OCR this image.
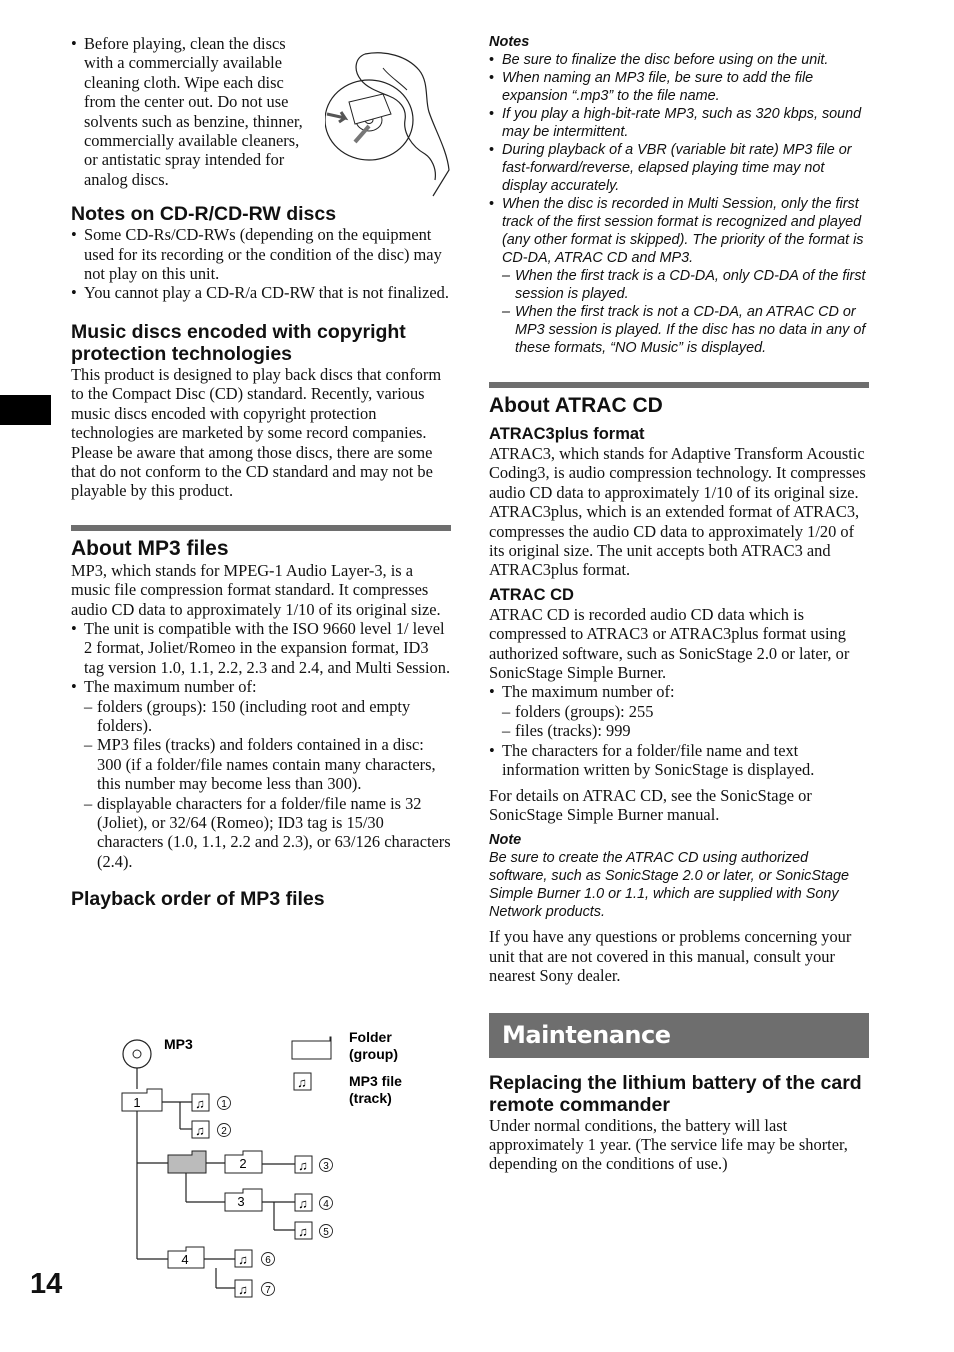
• Before playing, clean the discs with a commercially available cleaning cloth. Wipe each disc from the center out. Do not use solvents such as benzine, thinner, commercially available cleaners, or antistatic spray intended for analog discs.
Notes on CD-R/CD-RW discs
• Some CD-Rs/CD-RWs (depending on the equipment used for its recording or the condition of the disc) may not play on this unit.
• You cannot play a CD-R/a CD-RW that is not finalized.
Music discs encoded with copyright protection technologies

This product is designed to play back discs that conform to the Compact Disc (CD) standard. Recently, various music discs encoded with copyright protection technologies are marketed by some record companies. Please be aware that among those discs, there are some that do not conform to the CD standard and may not be playable by this product.

About MP3 files

MP3, which stands for MPEG-1 Audio Layer-3, is a music file compression format standard. It compresses audio CD data to approximately 1/10 of its original size.

• The unit is compatible with the ISO 9660 level 1/ level 2 format, Joliet/Romeo in the expansion format, ID3 tag version 1.0, 1.1, 2.2, 2.3 and 2.4, and Multi Session.
• The maximum number of:
– folders (groups): 150 (including root and empty folders).
– MP3 files (tracks) and folders contained in a disc: 300 (if a folder/file names contain many characters, this number may become less than 300).
– displayable characters for a folder/file name is 32 (Joliet), or 32/64 (Romeo); ID3 tag is 15/30 characters (1.0, 1.1, 2.2 and 2.3), or 63/126 characters (2.4).
Playback order of MP3 files
MP3
1
2
3
4
♫ 1
♫ 2
♫ 3
♫ 4
♫ 5
♫ 6
♫ 7
Folder
(group)
♫	MP3 file
(track)
Notes
• Be sure to finalize the disc before using on the unit.
• When naming an MP3 file, be sure to add the file expansion “.mp3” to the file name.
• If you play a high-bit-rate MP3, such as 320 kbps, sound may be intermittent.
• During playback of a VBR (variable bit rate) MP3 file or fast-forward/reverse, elapsed playing time may not display accurately.
• When the disc is recorded in Multi Session, only the first track of the first session format is recognized and played (any other format is skipped). The priority of the format is CD-DA, ATRAC CD and MP3.
– When the first track is a CD-DA, only CD-DA of the first session is played.
– When the first track is not a CD-DA, an ATRAC CD or MP3 session is played. If the disc has no data in any of these formats, “NO Music” is displayed.
About ATRAC CD
ATRAC3plus format

ATRAC3, which stands for Adaptive Transform Acoustic Coding3, is audio compression technology. It compresses audio CD data to approximately 1/10 of its original size. ATRAC3plus, which is an extended format of ATRAC3, compresses the audio CD data to approximately 1/20 of its original size. The unit accepts both ATRAC3 and ATRAC3plus format.

ATRAC CD

ATRAC CD is recorded audio CD data which is compressed to ATRAC3 or ATRAC3plus format using authorized software, such as SonicStage 2.0 or later, or SonicStage Simple Burner.

• The maximum number of:
– folders (groups): 255
– files (tracks): 999
• The characters for a folder/file name and text information written by SonicStage is displayed.

For details on ATRAC CD, see the SonicStage or SonicStage Simple Burner manual.

Note
Be sure to create the ATRAC CD using authorized software, such as SonicStage 2.0 or later, or SonicStage Simple Burner 1.0 or 1.1, which are supplied with Sony Network products.

If you have any questions or problems concerning your unit that are not covered in this manual, consult your nearest Sony dealer.

Maintenance
Replacing the lithium battery of the card remote commander

Under normal conditions, the battery will last approximately 1 year. (The service life may be shorter, depending on the conditions of use.)

14
